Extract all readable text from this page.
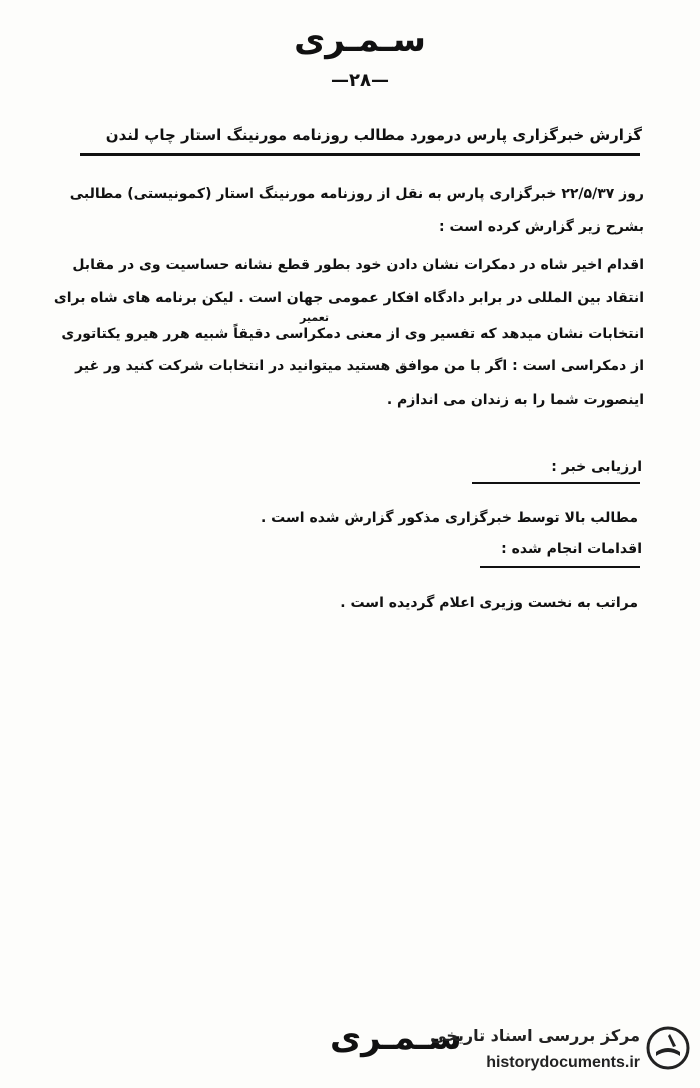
سـمـری
—۲۸—
گزارش خبرگزاری پارس درمورد مطالب روزنامه مورنینگ استار چاپ لندن
روز ۲۲/۵/۳۷ خبرگزاری پارس به نقل از روزنامه مورنینگ استار (کمونیستی) مطالبی
بشرح زیر گزارش کرده است :
اقدام اخیر شاه در دمکرات نشان دادن خود بطور قطع نشانه حساسیت وی در مقابل
انتقاد بین المللی در برابر دادگاه افکار عمومی جهان است . لیکن برنامه های شاه برای
تعمیر
انتخابات نشان میدهد که تفسیر وی از معنی دمکراسی دقیقاً شبیه هرر هیرو یکتاتوری
از دمکراسی است : اگر با من موافق هستید میتوانید در انتخابات شرکت کنید ور غیر
اینصورت شما را به زندان می اندازم .
ارزیابی خبر :
مطالب بالا توسط خبرگزاری مذکور گزارش شده است .
اقدامات انجام شده :
مراتب به نخست وزیری اعلام گردیده است .
سـمـری
مرکز بررسی اسناد تاریخی
historydocuments.ir
